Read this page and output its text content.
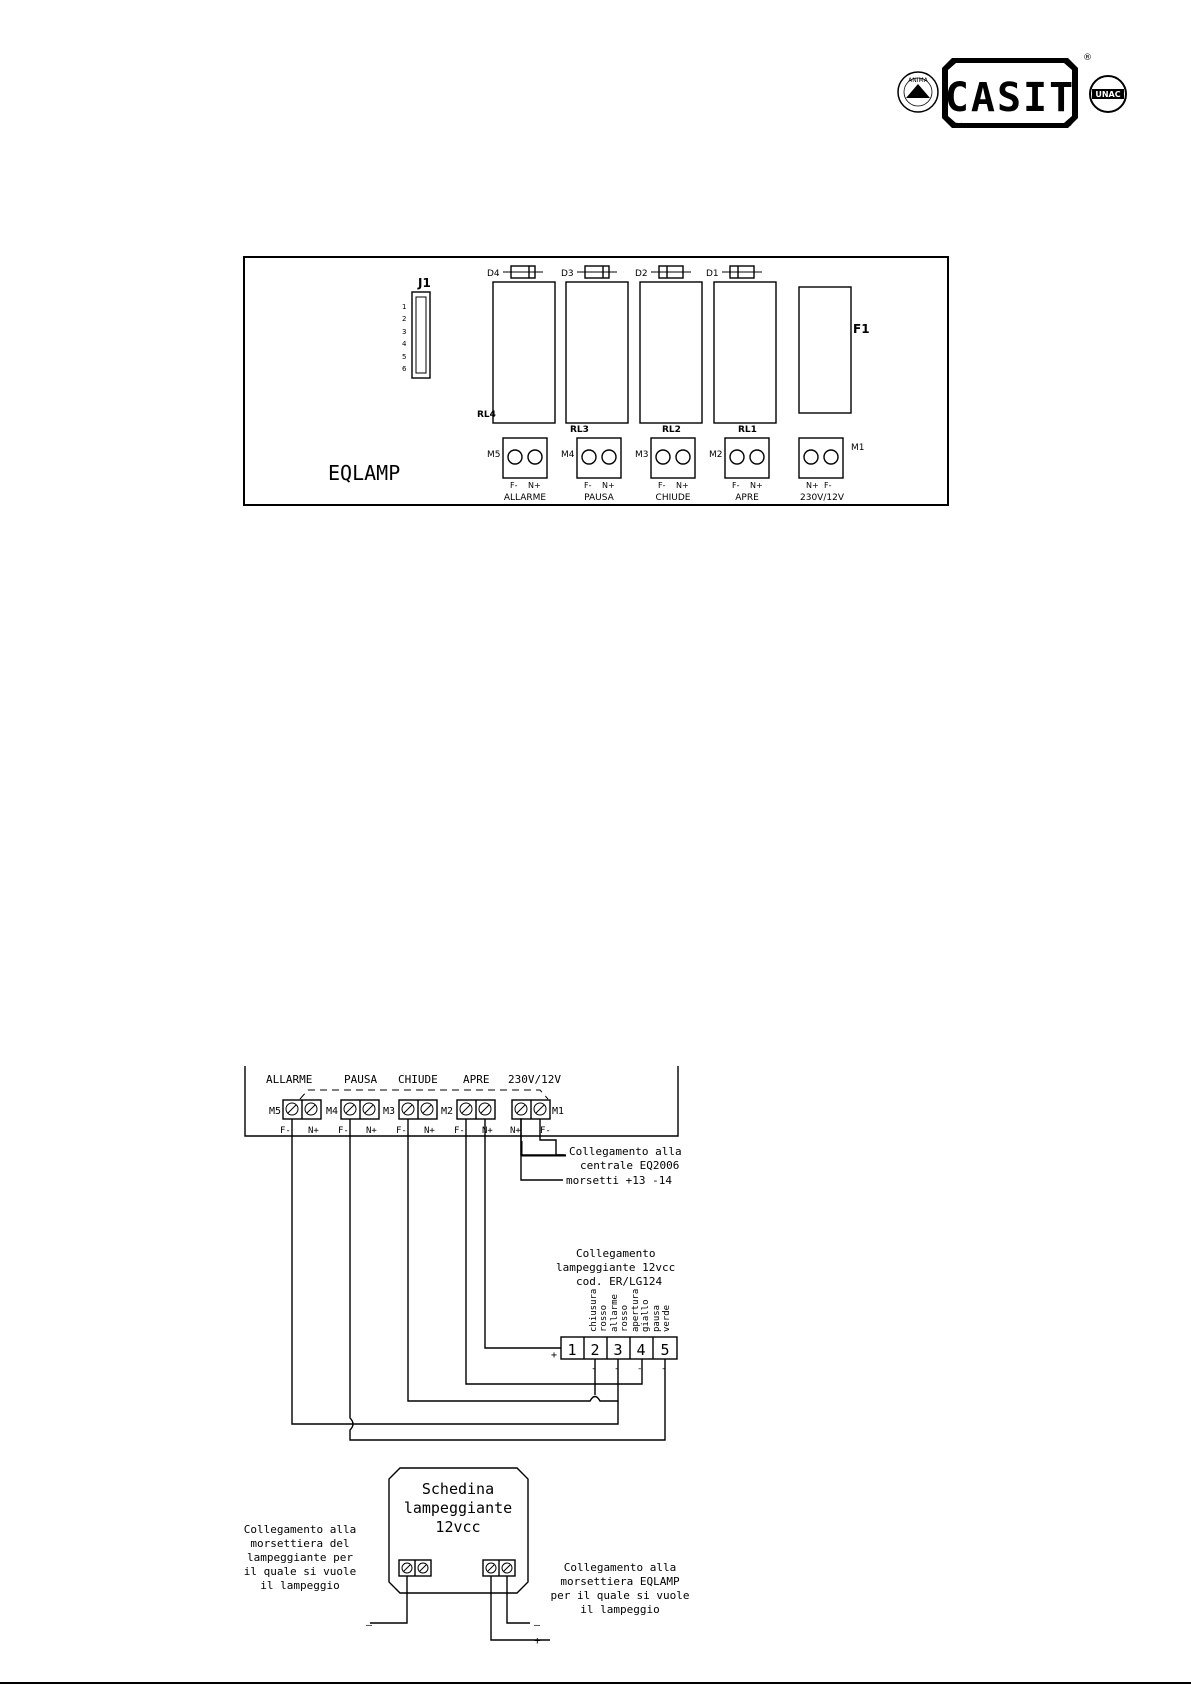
ANIMA CASIT
Italy	TO
®
UNAC
J1
1
2
3
4
5
6
D4	D3	D2	D1
RL4
RL3	RL2	RL1
F1
EQLAMP
M5
F- N+
ALLARME
M4
F- N+
PAUSA
M3
F- N+
CHIUDE
M2
F- N+
APRE
M1
N+ F-
230V/12V
ALLARME	PAUSA CHIUDE APRE 230V/12V
M5	M4	M3	M2	M1
F- N+ F- N+ F- N+ F- N+ N+ F-
Collegamento alla
centrale EQ2006
morsetti +13 -14
Collegamento
lampeggiante 12vcc
cod. ER/LG124
chiusurarosso allarmerosso aperturagiallo pausaverde
1 2 3 4 5
+
- - - -
Schedina
lampeggiante
12vcc
—	—
+
Collegamento alla
morsettiera del
lampeggiante per
il quale si vuole
il lampeggio
Collegamento alla
morsettiera EQLAMP
per il quale si vuole
il lampeggio
